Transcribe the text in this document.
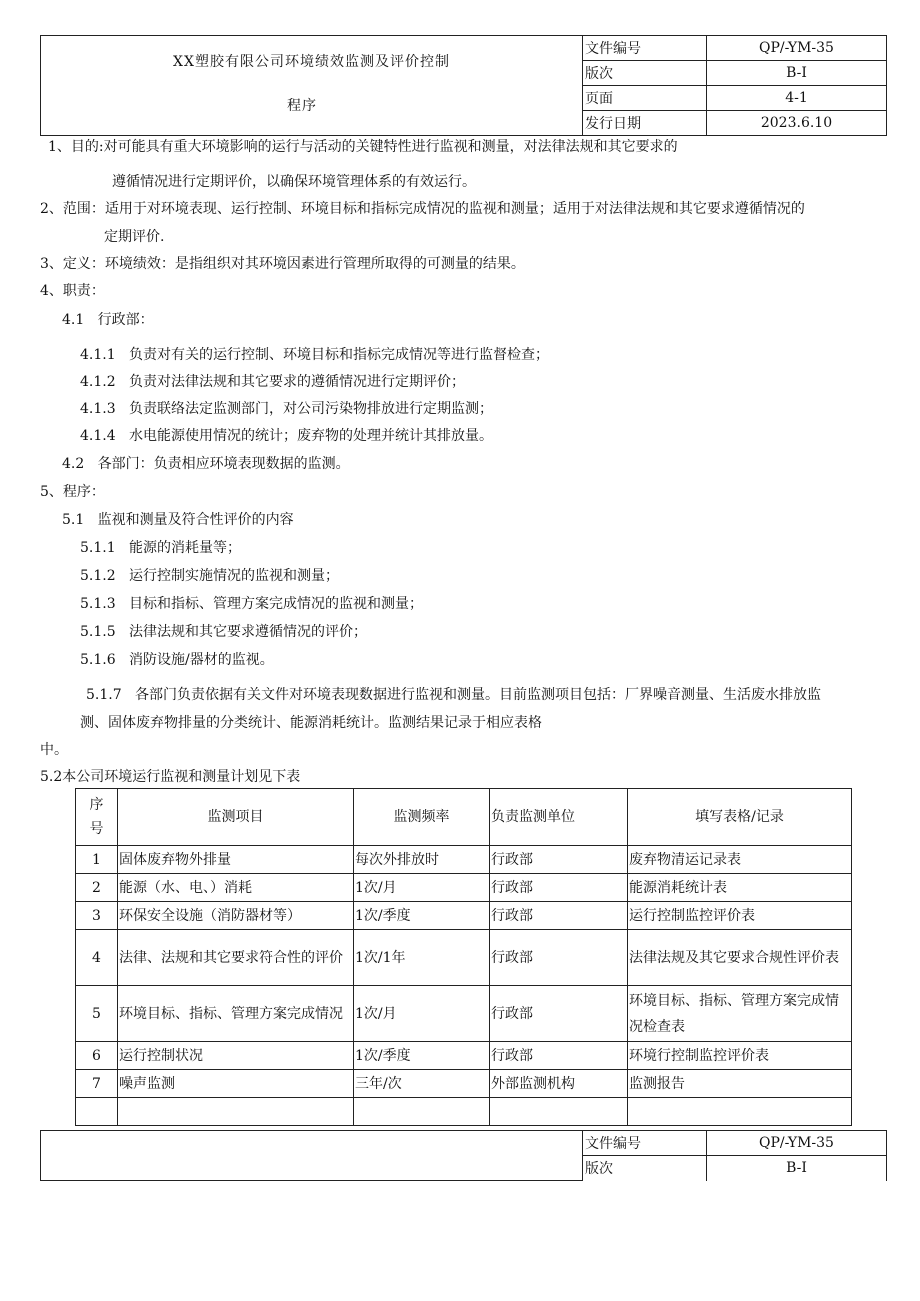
XX塑胶有限公司环境绩效监测及评价控制
程序	文件编号	QP/-YM-35
	版次	B-I
	页面	4-1
	发行日期	2023.6.10
1、目的:对可能具有重大环境影响的运行与活动的关键特性进行监视和测量，对法律法规和其它要求的
遵循情况进行定期评价，以确保环境管理体系的有效运行。
2、范围：适用于对环境表现、运行控制、环境目标和指标完成情况的监视和测量；适用于对法律法规和其它要求遵循情况的
定期评价.
3、定义：环境绩效：是指组织对其环境因素进行管理所取得的可测量的结果。
4、职责：
4.1   行政部：
4.1.1   负责对有关的运行控制、环境目标和指标完成情况等进行监督检查；
4.1.2   负责对法律法规和其它要求的遵循情况进行定期评价；
4.1.3   负责联络法定监测部门，对公司污染物排放进行定期监测；
4.1.4   水电能源使用情况的统计；废弃物的处理并统计其排放量。
4.2   各部门：负责相应环境表现数据的监测。
5、程序：
5.1   监视和测量及符合性评价的内容
5.1.1   能源的消耗量等；
5.1.2   运行控制实施情况的监视和测量；
5.1.3   目标和指标、管理方案完成情况的监视和测量；
5.1.5   法律法规和其它要求遵循情况的评价；
5.1.6   消防设施/器材的监视。
5.1.7   各部门负责依据有关文件对环境表现数据进行监视和测量。目前监测项目包括：厂界噪音测量、生活废水排放监
测、固体废弃物排量的分类统计、能源消耗统计。监测结果记录于相应表格
中。
5.2本公司环境运行监视和测量计划见下表
序号	监测项目	监测频率	负责监测单位	填写表格/记录
1	固体废弃物外排量	每次外排放时	行政部	废弃物清运记录表
2	能源（水、电、）消耗	1次/月	行政部	能源消耗统计表
3	环保安全设施（消防器材等）	1次/季度	行政部	运行控制监控评价表
4	法律、法规和其它要求符合性的评价	1次/1年	行政部	法律法规及其它要求合规性评价表
5	环境目标、指标、管理方案完成情况	1次/月	行政部	环境目标、指标、管理方案完成情况检查表
6	运行控制状况	1次/季度	行政部	环境行控制监控评价表
7	噪声监测	三年/次	外部监测机构	监测报告

	文件编号	QP/-YM-35
	版次	B-I
